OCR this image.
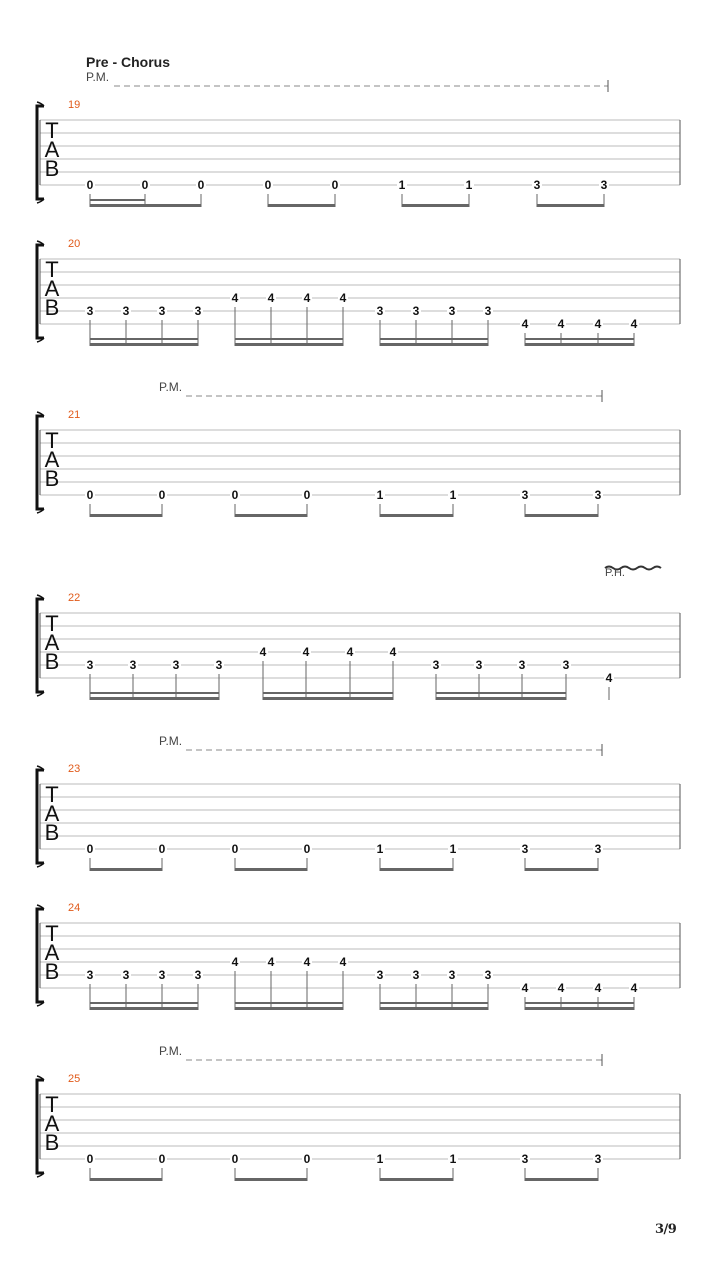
Pre - Chorus
T
A
B
19
P.M.
0	0	0	0	0	1	1	3	3
T
A
B
20
3 3 3 3
4 4 4 4
3 3 3 3
4 4	4 4
T
A
B
21
P.M.
0	0	0	0	1	1	3	3
T
A
B
22
P.H.
3	3	3	3
4	4	4	4
3	3	3	3
4
T
A
B
23
P.M.
0	0	0	0	1	1	3	3
T
A
B
24
3 3 3 3
4 4 4 4
3 3 3 3
4 4	4 4
T
A
B
25
P.M.
0	0	0	0	1	1	3	3
3/9
